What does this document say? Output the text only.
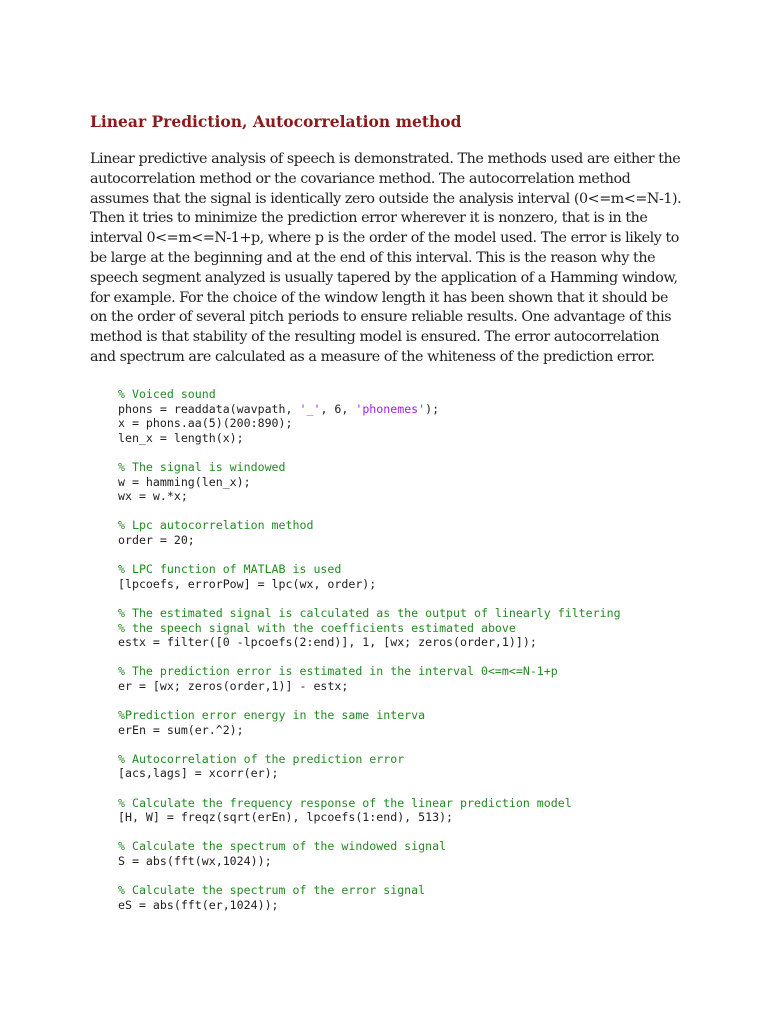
Linear Prediction, Autocorrelation method

Linear predictive analysis of speech is demonstrated. The methods used are either the
autocorrelation method or the covariance method. The autocorrelation method
assumes that the signal is identically zero outside the analysis interval (0<=m<=N-1).
Then it tries to minimize the prediction error wherever it is nonzero, that is in the
interval 0<=m<=N-1+p, where p is the order of the model used. The error is likely to
be large at the beginning and at the end of this interval. This is the reason why the
speech segment analyzed is usually tapered by the application of a Hamming window,
for example. For the choice of the window length it has been shown that it should be
on the order of several pitch periods to ensure reliable results. One advantage of this
method is that stability of the resulting model is ensured. The error autocorrelation
and spectrum are calculated as a measure of the whiteness of the prediction error.

% Voiced sound
phons = readdata(wavpath, '_', 6, 'phonemes');
x = phons.aa(5)(200:890);
len_x = length(x);
% The signal is windowed
w = hamming(len_x);
wx = w.*x;
% Lpc autocorrelation method
order = 20;
% LPC function of MATLAB is used
[lpcoefs, errorPow] = lpc(wx, order);
% The estimated signal is calculated as the output of linearly filtering
% the speech signal with the coefficients estimated above
estx = filter([0 -lpcoefs(2:end)], 1, [wx; zeros(order,1)]);
% The prediction error is estimated in the interval 0<=m<=N-1+p
er = [wx; zeros(order,1)] - estx;
%Prediction error energy in the same interva
erEn = sum(er.^2);
% Autocorrelation of the prediction error
[acs,lags] = xcorr(er);
% Calculate the frequency response of the linear prediction model
[H, W] = freqz(sqrt(erEn), lpcoefs(1:end), 513);
% Calculate the spectrum of the windowed signal
S = abs(fft(wx,1024));
% Calculate the spectrum of the error signal
eS = abs(fft(er,1024));
